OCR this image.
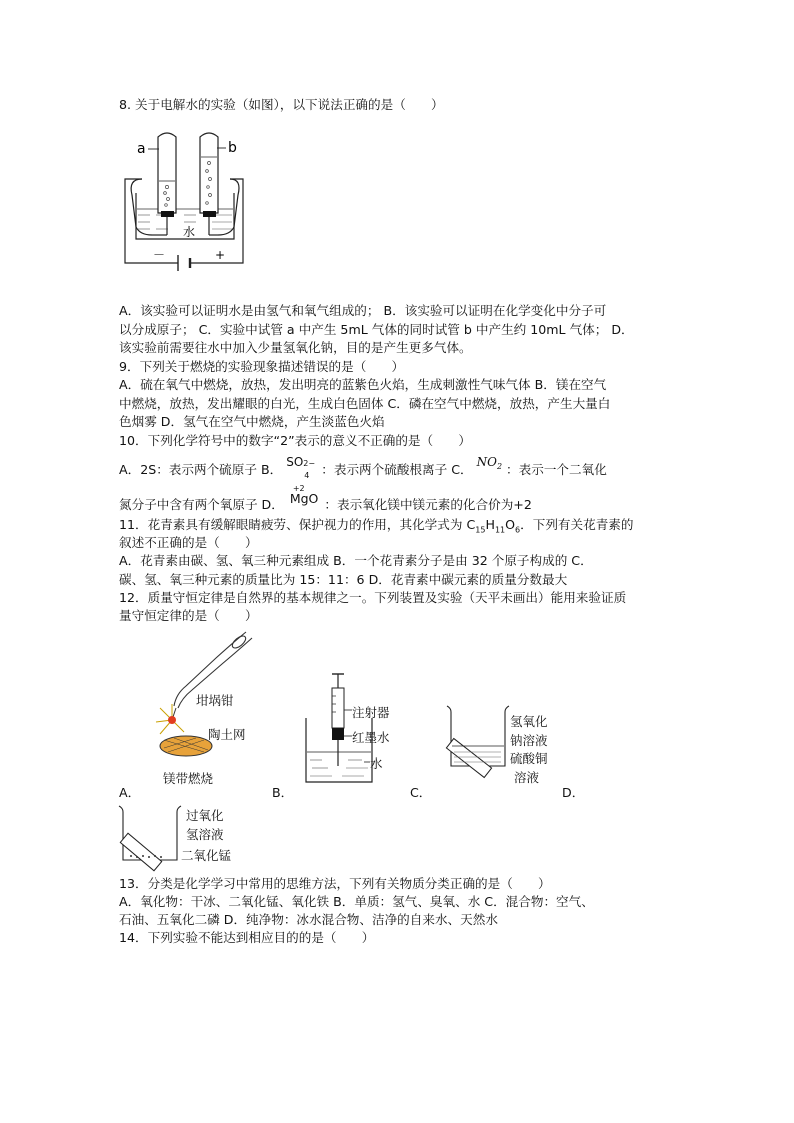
8. 关于电解水的实验（如图），以下说法正确的是（　　）
a	b
水
－	+
A．该实验可以证明水是由氢气和氧气组成的； B．该实验可以证明在化学变化中分子可
以分成原子； C．实验中试管 a 中产生 5mL 气体的同时试管 b 中产生约 10mL 气体； D．
该实验前需要往水中加入少量氢氧化钠，目的是产生更多气体。
9．下列关于燃烧的实验现象描述错误的是（　　）
A．硫在氧气中燃烧，放热，发出明亮的蓝紫色火焰，生成刺激性气味气体 B．镁在空气
中燃烧，放热，发出耀眼的白光，生成白色固体 C．磷在空气中燃烧，放热，产生大量白
色烟雾 D．氢气在空气中燃烧，产生淡蓝色火焰
10．下列化学符号中的数字“2”表示的意义不正确的是（　　）
A．2S：表示两个硫原子 B． SO 2−
4 ：表示两个硫酸根离子 C． $NO_2$ ：表示一个二氧化
氮分子中含有两个氧原子 D．
+2
MgO ：表示氧化镁中镁元素的化合价为+2
11．花青素具有缓解眼睛疲劳、保护视力的作用，其化学式为 $C_{15}H_{11}O_6$．下列有关花青素的
叙述不正确的是（　　）
A．花青素由碳、氢、氧三种元素组成 B．一个花青素分子是由 32 个原子构成的 C．
碳、氢、氧三种元素的质量比为 15：11：6 D．花青素中碳元素的质量分数最大
12．质量守恒定律是自然界的基本规律之一。下列装置及实验（天平未画出）能用来验证质
量守恒定律的是（　　）
坩埚钳
陶土网
镁带燃烧
注射器
红墨水
水
氢氧化
钠溶液
硫酸铜
溶液
A．	B．	C．	D．
过氧化
氢溶液
二氧化锰
13．分类是化学学习中常用的思维方法，下列有关物质分类正确的是（　　）
A．氧化物：干冰、二氧化锰、氧化铁 B．单质：氢气、臭氧、水 C．混合物：空气、
石油、五氧化二磷 D．纯净物：冰水混合物、洁净的自来水、天然水
14．下列实验不能达到相应目的的是（　　）
